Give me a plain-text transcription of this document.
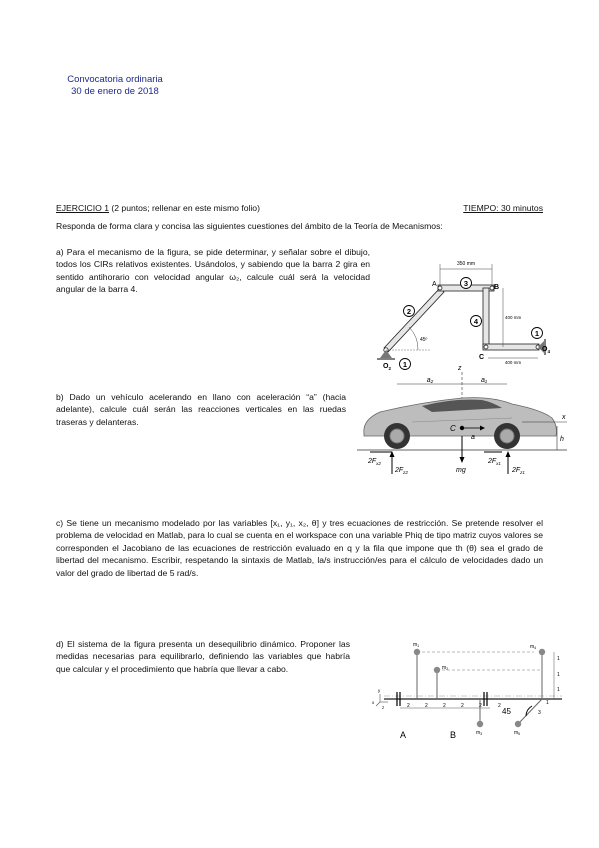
Convocatoria ordinaria
30 de enero de 2018
EJERCICIO 1 (2 puntos; rellenar en este mismo folio)	TIEMPO: 30 minutos
Responda de forma clara y concisa las siguientes cuestiones del ámbito de la Teoría de Mecanismos:
a) Para el mecanismo de la figura, se pide determinar, y señalar sobre el dibujo, todos los CIRs relativos existentes. Usándolos, y sabiendo que la barra 2 gira en sentido antihorario con velocidad angular ω₂, calcule cuál será la velocidad angular de la barra 4.
b) Dado un vehículo acelerando en llano con aceleración “a” (hacia adelante), calcule cuál serán las reacciones verticales en las ruedas traseras y delanteras.
c) Se tiene un mecanismo modelado por las variables [x₁, y₁, x₂, θ] y tres ecuaciones de restricción. Se pretende resolver el problema de velocidad en Matlab, para lo cual se cuenta en el workspace con una variable Phiq de tipo matriz cuyos valores se corresponden el Jacobiano de las ecuaciones de restricción evaluado en q y la fila que impone que th (θ) sea el grado de libertad del mecanismo. Escribir, respetando la sintaxis de Matlab, la/s instrucción/es para el cálculo de velocidades dado un valor del grado de libertad de 5 rad/s.
d) El sistema de la figura presenta un desequilibrio dinámico. Proponer las medidas necesarias para equilibrarlo, definiendo las variables que habría que calcular y el procedimiento que habría que llevar a cabo.
350 mm
45º
400 mm
400 mm
A	B
C
$O_2$
$O_4$
1
2
3
4
1
a₂	a₁
z
C
a
x
h
$2F_{x2}$
$2F_{z2}$	mg
$2F_{x1}$
$2F_{z1}$
x
y
z
$m_1$
$m_2$
$m_3$
$m_4$
$m_5$
2	2	2	2	2	2
1
1
1
45	3
1
A	B
